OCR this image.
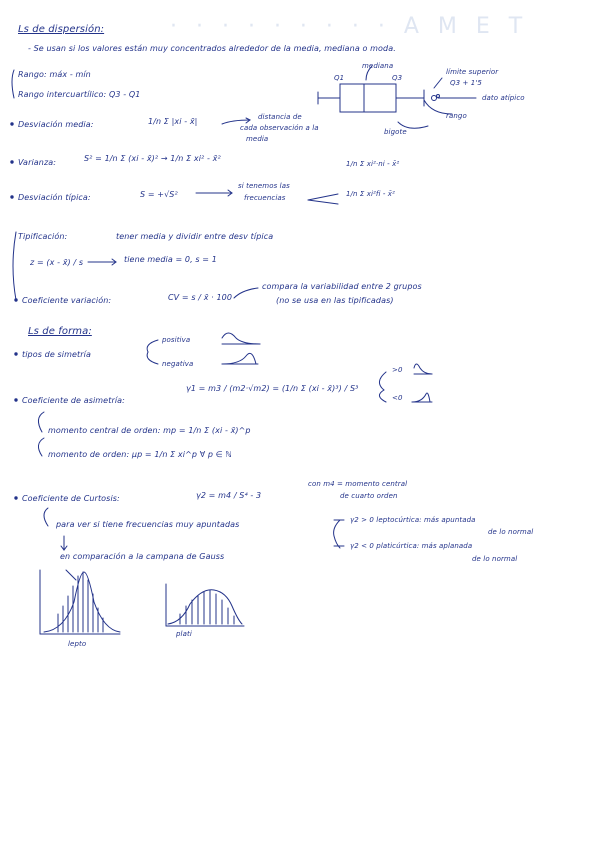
· · · · · · · · · A M E T
Ls de dispersión:
- Se usan si los valores están muy concentrados alrededor de la media, mediana o moda.
Rango: máx - mín
Rango intercuartílico: Q3 - Q1
Q1
mediana
Q3
límite superior
Q3 + 1'5
dato atípico
rango
bigote
Desviación media:	1/n Σ |xi - x̄|	distancia de
cada observación a la
media
Varianza:	S² = 1/n Σ (xi - x̄)² → 1/n Σ xi² - x̄²
1/n Σ xi²·ni - x̄²
1/n Σ xi²fi - x̄²
Desviación típica:	S = +√S²
si tenemos las
frecuencias
Tipificación:	tener media y dividir entre desv típica
z = (x - x̄) / s	tiene media = 0, s = 1
Coeficiente variación:	CV = s / x̄ · 100
compara la variabilidad entre 2 grupos
(no se usa en las tipificadas)
Ls de forma:
tipos de simetría
positiva
negativa
Coeficiente de asimetría:
γ1 = m3 / (m2·√m2) = (1/n Σ (xi - x̄)³) / S³
>0
<0
momento central de orden: mp = 1/n Σ (xi - x̄)^p
momento de orden: μp = 1/n Σ xi^p ∀ p ∈ ℕ
Coeficiente de Curtosis:	γ2 = m4 / S⁴ - 3
con m4 = momento central
de cuarto orden
para ver si tiene frecuencias muy apuntadas	γ2 > 0 leptocúrtica: más apuntada
de lo normal
γ2 < 0 platicúrtica: más aplanada
de lo normal
en comparación a la campana de Gauss
lepto
plati
